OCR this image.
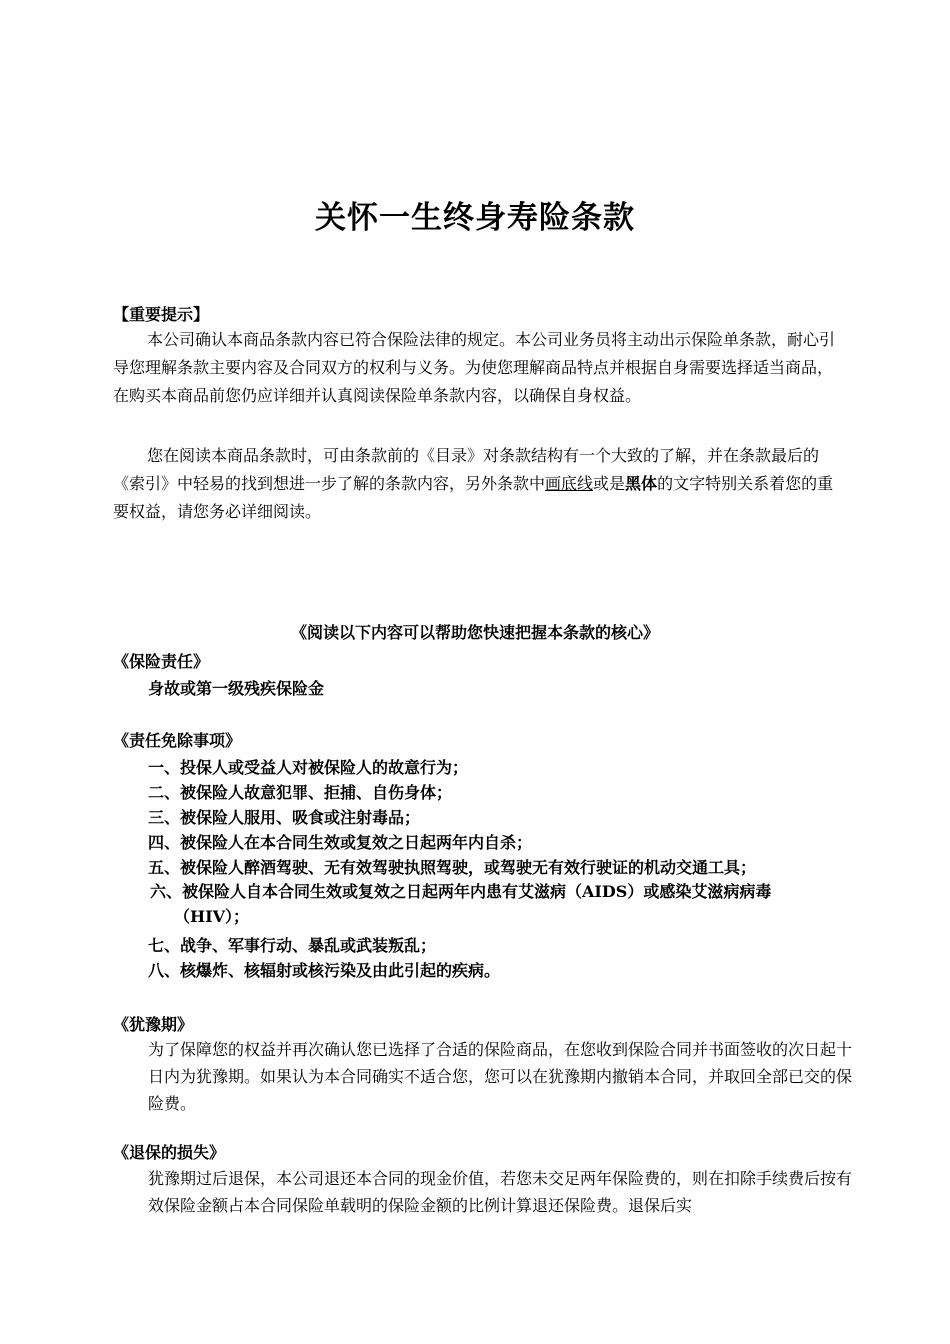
关怀一生终身寿险条款
【重要提示】
本公司确认本商品条款内容已符合保险法律的规定。本公司业务员将主动出示保险单条款，耐心引导您理解条款主要内容及合同双方的权利与义务。为使您理解商品特点并根据自身需要选择适当商品，在购买本商品前您仍应详细并认真阅读保险单条款内容，以确保自身权益。
您在阅读本商品条款时，可由条款前的《目录》对条款结构有一个大致的了解，并在条款最后的《索引》中轻易的找到想进一步了解的条款内容，另外条款中画底线或是黑体的文字特别关系着您的重要权益，请您务必详细阅读。
《阅读以下内容可以帮助您快速把握本条款的核心》
《保险责任》
身故或第一级残疾保险金
《责任免除事项》
一、投保人或受益人对被保险人的故意行为；
二、被保险人故意犯罪、拒捕、自伤身体；
三、被保险人服用、吸食或注射毒品；
四、被保险人在本合同生效或复效之日起两年内自杀；
五、被保险人醉酒驾驶、无有效驾驶执照驾驶，或驾驶无有效行驶证的机动交通工具；
六、被保险人自本合同生效或复效之日起两年内患有艾滋病（AIDS）或感染艾滋病病毒
（HIV）；
七、战争、军事行动、暴乱或武装叛乱；
八、核爆炸、核辐射或核污染及由此引起的疾病。
《犹豫期》
为了保障您的权益并再次确认您已选择了合适的保险商品，在您收到保险合同并书面签收的次日起十日内为犹豫期。如果认为本合同确实不适合您，您可以在犹豫期内撤销本合同，并取回全部已交的保险费。
《退保的损失》
犹豫期过后退保，本公司退还本合同的现金价值，若您未交足两年保险费的，则在扣除手续费后按有效保险金额占本合同保险单载明的保险金额的比例计算退还保险费。退保后实
